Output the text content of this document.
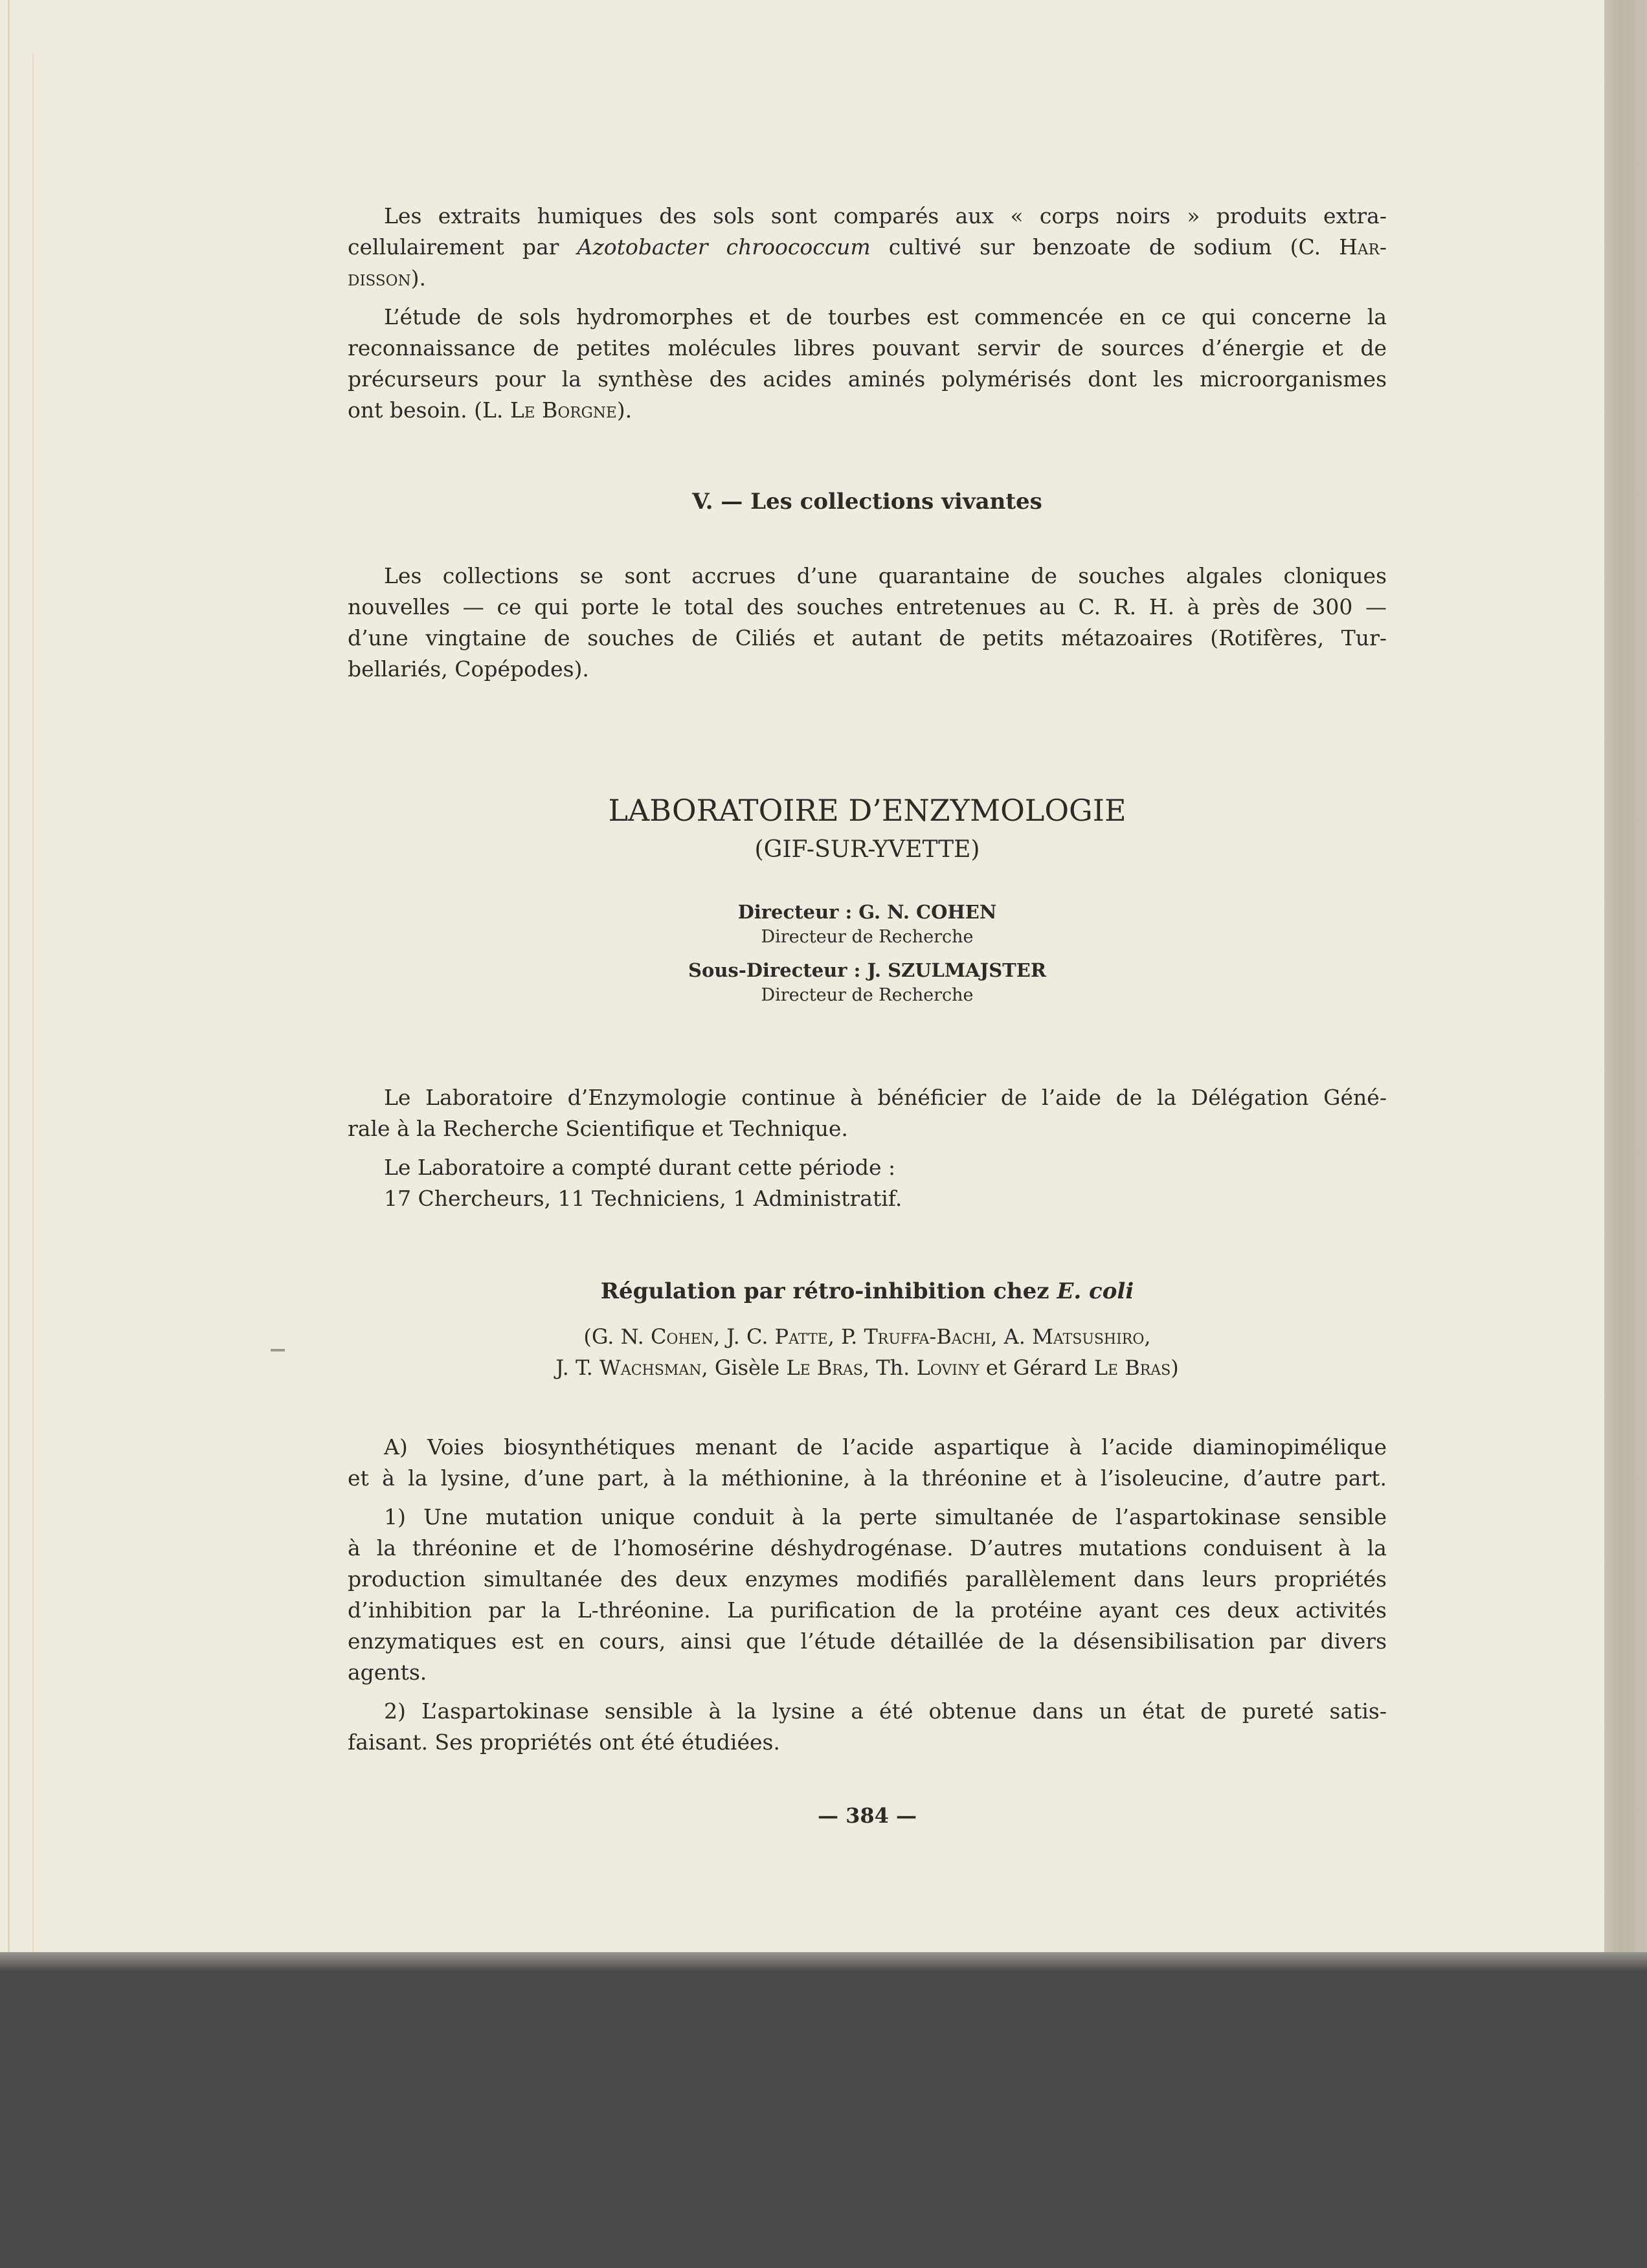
Les extraits humiques des sols sont comparés aux « corps noirs » produits extra-
cellulairement par Azotobacter chroococcum cultivé sur benzoate de sodium (C. Har-
disson).
L’étude de sols hydromorphes et de tourbes est commencée en ce qui concerne la
reconnaissance de petites molécules libres pouvant servir de sources d’énergie et de
précurseurs pour la synthèse des acides aminés polymérisés dont les microorganismes
ont besoin. (L. Le Borgne).
V. — Les collections vivantes
Les collections se sont accrues d’une quarantaine de souches algales cloniques
nouvelles — ce qui porte le total des souches entretenues au C. R. H. à près de 300 —
d’une vingtaine de souches de Ciliés et autant de petits métazoaires (Rotifères, Tur-
bellariés, Copépodes).
LABORATOIRE D’ENZYMOLOGIE
(GIF-SUR-YVETTE)
Directeur : G. N. COHEN
Directeur de Recherche
Sous-Directeur : J. SZULMAJSTER
Directeur de Recherche
Le Laboratoire d’Enzymologie continue à bénéficier de l’aide de la Délégation Géné-
rale à la Recherche Scientifique et Technique.
Le Laboratoire a compté durant cette période :
17 Chercheurs, 11 Techniciens, 1 Administratif.
Régulation par rétro-inhibition chez E. coli
(G. N. Cohen, J. C. Patte, P. Truffa-Bachi, A. Matsushiro,
J. T. Wachsman, Gisèle Le Bras, Th. Loviny et Gérard Le Bras)
A) Voies biosynthétiques menant de l’acide aspartique à l’acide diaminopimélique
et à la lysine, d’une part, à la méthionine, à la thréonine et à l’isoleucine, d’autre part.
1) Une mutation unique conduit à la perte simultanée de l’aspartokinase sensible
à la thréonine et de l’homosérine déshydrogénase. D’autres mutations conduisent à la
production simultanée des deux enzymes modifiés parallèlement dans leurs propriétés
d’inhibition par la L-thréonine. La purification de la protéine ayant ces deux activités
enzymatiques est en cours, ainsi que l’étude détaillée de la désensibilisation par divers
agents.
2) L’aspartokinase sensible à la lysine a été obtenue dans un état de pureté satis-
faisant. Ses propriétés ont été étudiées.
— 384 —
